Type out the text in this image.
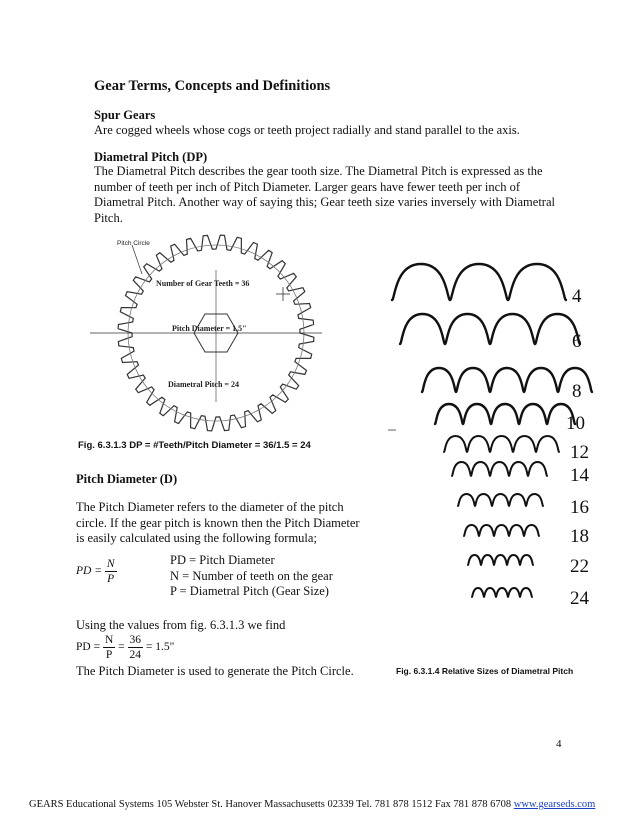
Gear Terms, Concepts and Definitions
Spur Gears
Are cogged wheels whose cogs or teeth project radially and stand parallel to the axis.
Diametral Pitch (DP)
The Diametral Pitch describes the gear tooth size. The Diametral Pitch is expressed as the
number of teeth per inch of Pitch Diameter. Larger gears have fewer teeth per inch of
Diametral Pitch. Another way of saying this; Gear teeth size varies inversely with Diametral
Pitch.
Pitch Circle
Number of Gear Teeth = 36
Pitch Diameter = 1.5"
Diametral Pitch = 24
Fig. 6.3.1.3 DP = #Teeth/Pitch Diameter = 36/1.5 = 24
Pitch Diameter (D)
The Pitch Diameter refers to the diameter of the pitch
circle. If the gear pitch is known then the Pitch Diameter
is easily calculated using the following formula;
PD = $\frac{N}{P}$	PD = Pitch Diameter
N = Number of teeth on the gear
P = Diametral Pitch (Gear Size)
Using the values from fig. 6.3.1.3 we find
PD = $\frac{N}{P} = \frac{36}{24} = 1.5$"
The Pitch Diameter is used to generate the Pitch Circle.
4
6
8
10
12
14
16
18
22
24
Fig. 6.3.1.4 Relative Sizes of Diametral Pitch
4
GEARS Educational Systems 105 Webster St. Hanover Massachusetts 02339 Tel. 781 878 1512 Fax 781 878 6708 www.gearseds.com
